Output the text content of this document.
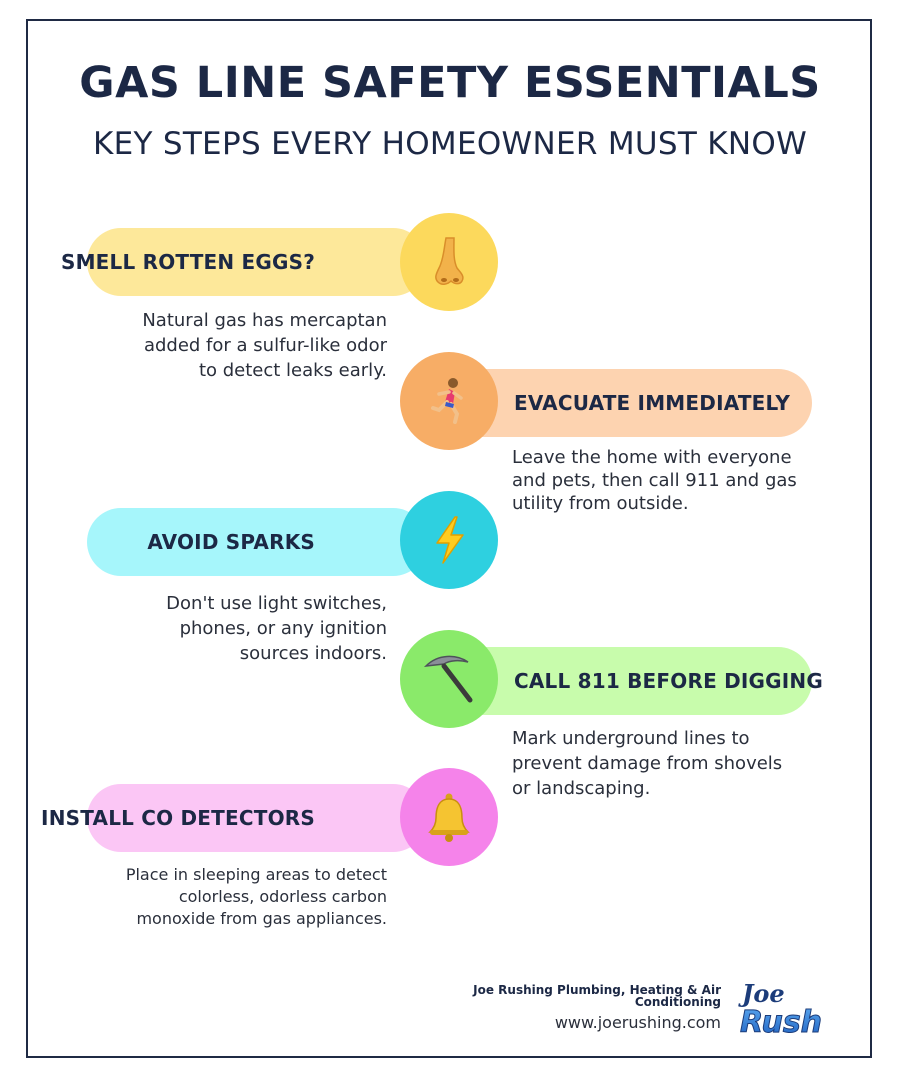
GAS LINE SAFETY ESSENTIALS
KEY STEPS EVERY HOMEOWNER MUST KNOW
SMELL ROTTEN EGGS?
Natural gas has mercaptan added for a sulfur-like odor to detect leaks early.
EVACUATE IMMEDIATELY
Leave the home with everyone and pets, then call 911 and gas utility from outside.
AVOID SPARKS
Don't use light switches, phones, or any ignition sources indoors.
CALL 811 BEFORE DIGGING
Mark underground lines to prevent damage from shovels or landscaping.
INSTALL CO DETECTORS
Place in sleeping areas to detect colorless, odorless carbon monoxide from gas appliances.
Joe Rushing Plumbing, Heating & Air Conditioning
www.joerushing.com
Joe
Rush
